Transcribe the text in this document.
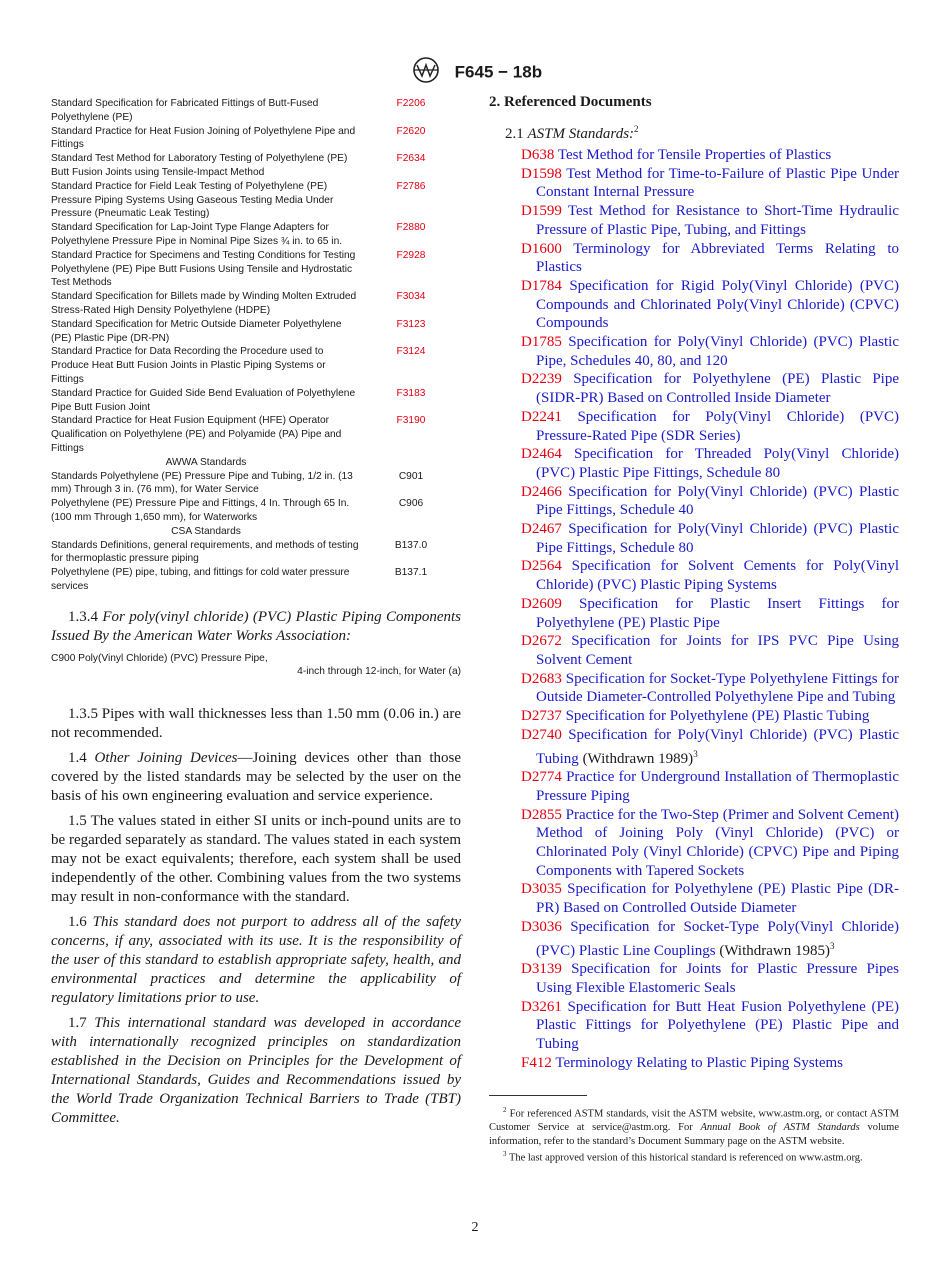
F645 − 18b
Standard Specification for Fabricated Fittings of Butt-Fused Polyethylene (PE)
F2206
Standard Practice for Heat Fusion Joining of Polyethylene Pipe and Fittings
F2620
Standard Test Method for Laboratory Testing of Polyethylene (PE) Butt Fusion Joints using Tensile-Impact Method
F2634
Standard Practice for Field Leak Testing of Polyethylene (PE) Pressure Piping Systems Using Gaseous Testing Media Under Pressure (Pneumatic Leak Testing)
F2786
Standard Specification for Lap-Joint Type Flange Adapters for Polyethylene Pressure Pipe in Nominal Pipe Sizes ¾ in. to 65 in.
F2880
Standard Practice for Specimens and Testing Conditions for Testing Polyethylene (PE) Pipe Butt Fusions Using Tensile and Hydrostatic Test Methods
F2928
Standard Specification for Billets made by Winding Molten Extruded Stress-Rated High Density Polyethylene (HDPE)
F3034
Standard Specification for Metric Outside Diameter Polyethylene (PE) Plastic Pipe (DR-PN)
F3123
Standard Practice for Data Recording the Procedure used to Produce Heat Butt Fusion Joints in Plastic Piping Systems or Fittings
F3124
Standard Practice for Guided Side Bend Evaluation of Polyethylene Pipe Butt Fusion Joint
F3183
Standard Practice for Heat Fusion Equipment (HFE) Operator Qualification on Polyethylene (PE) and Polyamide (PA) Pipe and Fittings
F3190
AWWA Standards
Standards Polyethylene (PE) Pressure Pipe and Tubing, 1/2 in. (13 mm) Through 3 in. (76 mm), for Water Service
C901
Polyethylene (PE) Pressure Pipe and Fittings, 4 In. Through 65 In. (100 mm Through 1,650 mm), for Waterworks
C906
CSA Standards
Standards Definitions, general requirements, and methods of testing for thermoplastic pressure piping
B137.0
Polyethylene (PE) pipe, tubing, and fittings for cold water pressure services
B137.1

1.3.4 For poly(vinyl chloride) (PVC) Plastic Piping Components Issued By the American Water Works Association:

C900 Poly(Vinyl Chloride) (PVC) Pressure Pipe,
4-inch through 12-inch, for Water (a)

1.3.5 Pipes with wall thicknesses less than 1.50 mm (0.06 in.) are not recommended.

1.4 Other Joining Devices—Joining devices other than those covered by the listed standards may be selected by the user on the basis of his own engineering evaluation and service experience.

1.5 The values stated in either SI units or inch-pound units are to be regarded separately as standard. The values stated in each system may not be exact equivalents; therefore, each system shall be used independently of the other. Combining values from the two systems may result in non-conformance with the standard.

1.6 This standard does not purport to address all of the safety concerns, if any, associated with its use. It is the responsibility of the user of this standard to establish appropriate safety, health, and environmental practices and determine the applicability of regulatory limitations prior to use.

1.7 This international standard was developed in accordance with internationally recognized principles on standardization established in the Decision on Principles for the Development of International Standards, Guides and Recommendations issued by the World Trade Organization Technical Barriers to Trade (TBT) Committee.

2. Referenced Documents
2.1 ASTM Standards:$^2$
D638 Test Method for Tensile Properties of Plastics
D1598 Test Method for Time-to-Failure of Plastic Pipe Under Constant Internal Pressure
D1599 Test Method for Resistance to Short-Time Hydraulic Pressure of Plastic Pipe, Tubing, and Fittings
D1600 Terminology for Abbreviated Terms Relating to Plastics
D1784 Specification for Rigid Poly(Vinyl Chloride) (PVC) Compounds and Chlorinated Poly(Vinyl Chloride) (CPVC) Compounds
D1785 Specification for Poly(Vinyl Chloride) (PVC) Plastic Pipe, Schedules 40, 80, and 120
D2239 Specification for Polyethylene (PE) Plastic Pipe (SIDR-PR) Based on Controlled Inside Diameter
D2241 Specification for Poly(Vinyl Chloride) (PVC) Pressure-Rated Pipe (SDR Series)
D2464 Specification for Threaded Poly(Vinyl Chloride) (PVC) Plastic Pipe Fittings, Schedule 80
D2466 Specification for Poly(Vinyl Chloride) (PVC) Plastic Pipe Fittings, Schedule 40
D2467 Specification for Poly(Vinyl Chloride) (PVC) Plastic Pipe Fittings, Schedule 80
D2564 Specification for Solvent Cements for Poly(Vinyl Chloride) (PVC) Plastic Piping Systems
D2609 Specification for Plastic Insert Fittings for Polyethylene (PE) Plastic Pipe
D2672 Specification for Joints for IPS PVC Pipe Using Solvent Cement
D2683 Specification for Socket-Type Polyethylene Fittings for Outside Diameter-Controlled Polyethylene Pipe and Tubing
D2737 Specification for Polyethylene (PE) Plastic Tubing
D2740 Specification for Poly(Vinyl Chloride) (PVC) Plastic Tubing (Withdrawn 1989)$^3$
D2774 Practice for Underground Installation of Thermoplastic Pressure Piping
D2855 Practice for the Two-Step (Primer and Solvent Cement) Method of Joining Poly (Vinyl Chloride) (PVC) or Chlorinated Poly (Vinyl Chloride) (CPVC) Pipe and Piping Components with Tapered Sockets
D3035 Specification for Polyethylene (PE) Plastic Pipe (DR-PR) Based on Controlled Outside Diameter
D3036 Specification for Socket-Type Poly(Vinyl Chloride) (PVC) Plastic Line Couplings (Withdrawn 1985)$^3$
D3139 Specification for Joints for Plastic Pressure Pipes Using Flexible Elastomeric Seals
D3261 Specification for Butt Heat Fusion Polyethylene (PE) Plastic Fittings for Polyethylene (PE) Plastic Pipe and Tubing
F412 Terminology Relating to Plastic Piping Systems

$^2$ For referenced ASTM standards, visit the ASTM website, www.astm.org, or contact ASTM Customer Service at service@astm.org. For Annual Book of ASTM Standards volume information, refer to the standard’s Document Summary page on the ASTM website.

$^3$ The last approved version of this historical standard is referenced on www.astm.org.

2
